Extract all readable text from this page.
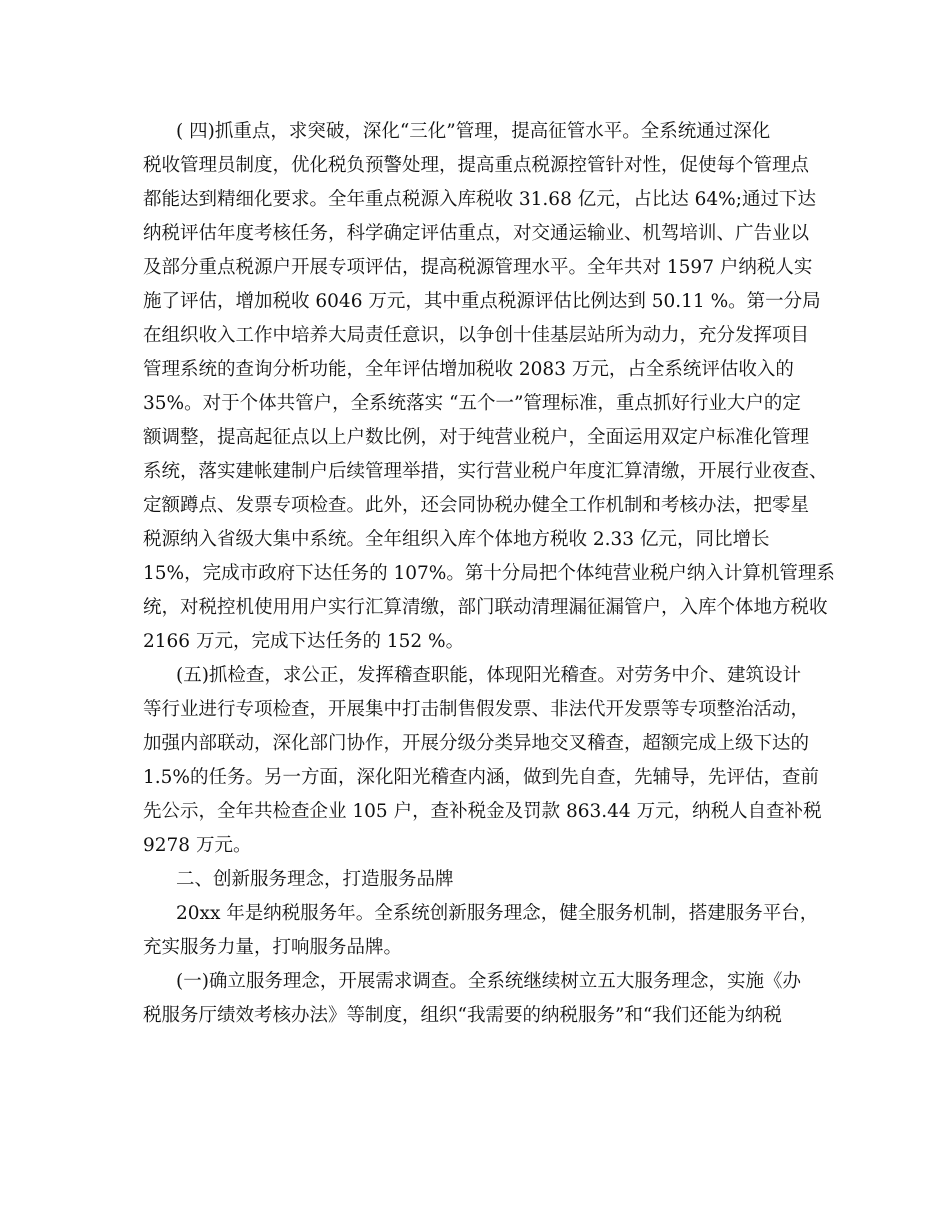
( 四)抓重点，求突破，深化“三化”管理，提高征管水平。全系统通过深化
税收管理员制度，优化税负预警处理，提高重点税源控管针对性，促使每个管理点
都能达到精细化要求。全年重点税源入库税收 31.68 亿元，占比达 64%;通过下达
纳税评估年度考核任务，科学确定评估重点，对交通运输业、机驾培训、广告业以
及部分重点税源户开展专项评估，提高税源管理水平。全年共对 1597 户纳税人实
施了评估，增加税收 6046 万元，其中重点税源评估比例达到 50.11 %。第一分局
在组织收入工作中培养大局责任意识，以争创十佳基层站所为动力，充分发挥项目
管理系统的查询分析功能，全年评估增加税收 2083 万元，占全系统评估收入的
35%。对于个体共管户，全系统落实 “五个一”管理标准，重点抓好行业大户的定
额调整，提高起征点以上户数比例，对于纯营业税户，全面运用双定户标准化管理
系统，落实建帐建制户后续管理举措，实行营业税户年度汇算清缴，开展行业夜查、
定额蹲点、发票专项检查。此外，还会同协税办健全工作机制和考核办法，把零星
税源纳入省级大集中系统。全年组织入库个体地方税收 2.33 亿元，同比增长
15%，完成市政府下达任务的 107%。第十分局把个体纯营业税户纳入计算机管理系
统，对税控机使用用户实行汇算清缴，部门联动清理漏征漏管户，入库个体地方税收
2166 万元，完成下达任务的 152 %。
(五)抓检查，求公正，发挥稽查职能，体现阳光稽查。对劳务中介、建筑设计
等行业进行专项检查，开展集中打击制售假发票、非法代开发票等专项整治活动，
加强内部联动，深化部门协作，开展分级分类异地交叉稽查，超额完成上级下达的
1.5%的任务。另一方面，深化阳光稽查内涵，做到先自查，先辅导，先评估，查前
先公示，全年共检查企业 105 户，查补税金及罚款 863.44 万元，纳税人自查补税
9278 万元。
二、创新服务理念，打造服务品牌
20xx 年是纳税服务年。全系统创新服务理念，健全服务机制，搭建服务平台，
充实服务力量，打响服务品牌。
(一)确立服务理念，开展需求调查。全系统继续树立五大服务理念，实施《办
税服务厅绩效考核办法》等制度，组织“我需要的纳税服务”和“我们还能为纳税
